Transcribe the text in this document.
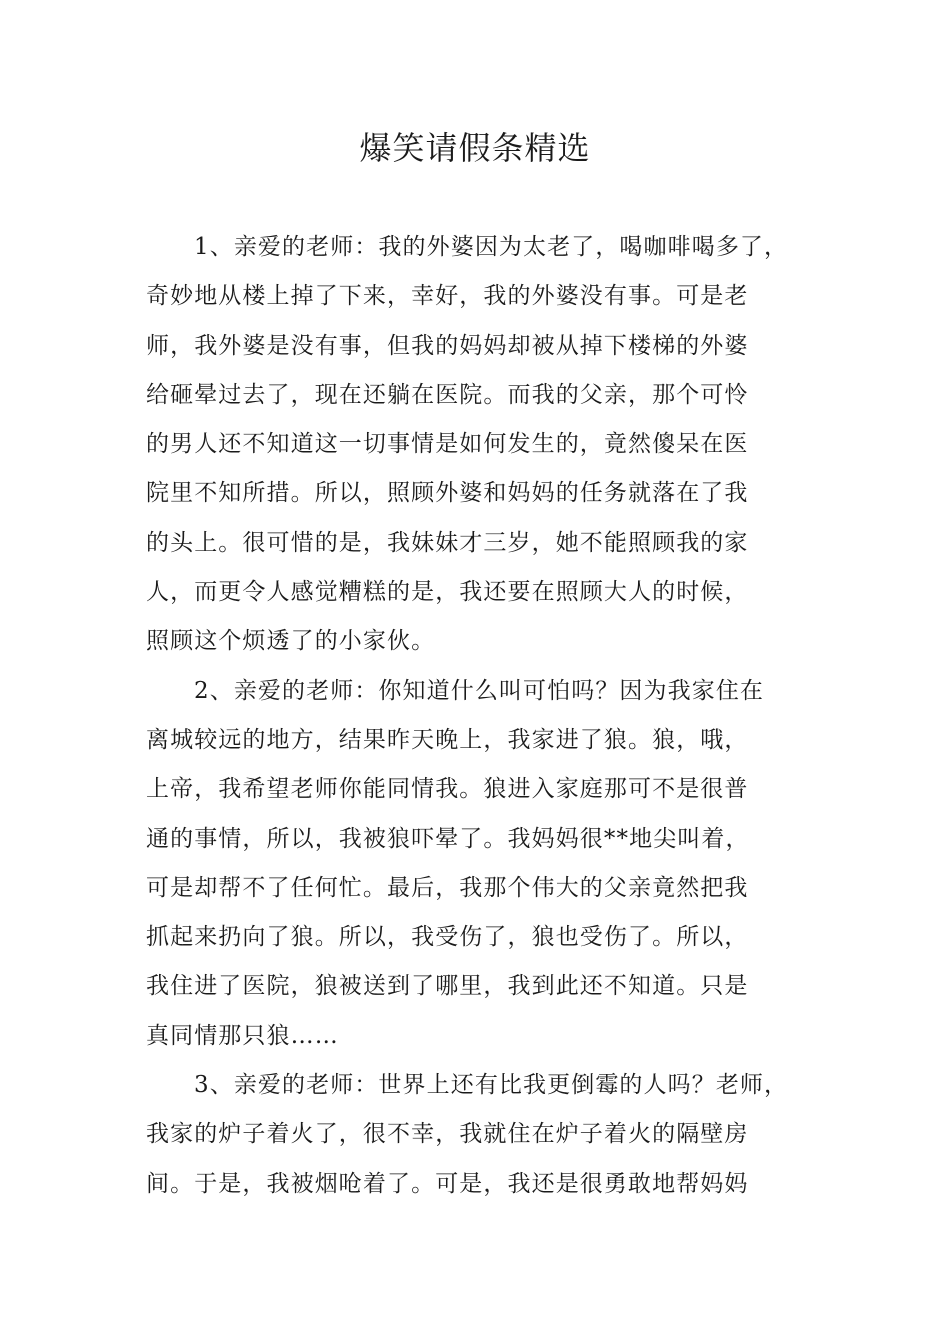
爆笑请假条精选
1、亲爱的老师：我的外婆因为太老了，喝咖啡喝多了，
奇妙地从楼上掉了下来，幸好，我的外婆没有事。可是老
师，我外婆是没有事，但我的妈妈却被从掉下楼梯的外婆
给砸晕过去了，现在还躺在医院。而我的父亲，那个可怜
的男人还不知道这一切事情是如何发生的，竟然傻呆在医
院里不知所措。所以，照顾外婆和妈妈的任务就落在了我
的头上。很可惜的是，我妹妹才三岁，她不能照顾我的家
人，而更令人感觉糟糕的是，我还要在照顾大人的时候，
照顾这个烦透了的小家伙。
2、亲爱的老师：你知道什么叫可怕吗？因为我家住在
离城较远的地方，结果昨天晚上，我家进了狼。狼，哦，
上帝，我希望老师你能同情我。狼进入家庭那可不是很普
通的事情，所以，我被狼吓晕了。我妈妈很**地尖叫着，
可是却帮不了任何忙。最后，我那个伟大的父亲竟然把我
抓起来扔向了狼。所以，我受伤了，狼也受伤了。所以，
我住进了医院，狼被送到了哪里，我到此还不知道。只是
真同情那只狼……
3、亲爱的老师：世界上还有比我更倒霉的人吗？老师，
我家的炉子着火了，很不幸，我就住在炉子着火的隔壁房
间。于是，我被烟呛着了。可是，我还是很勇敢地帮妈妈
